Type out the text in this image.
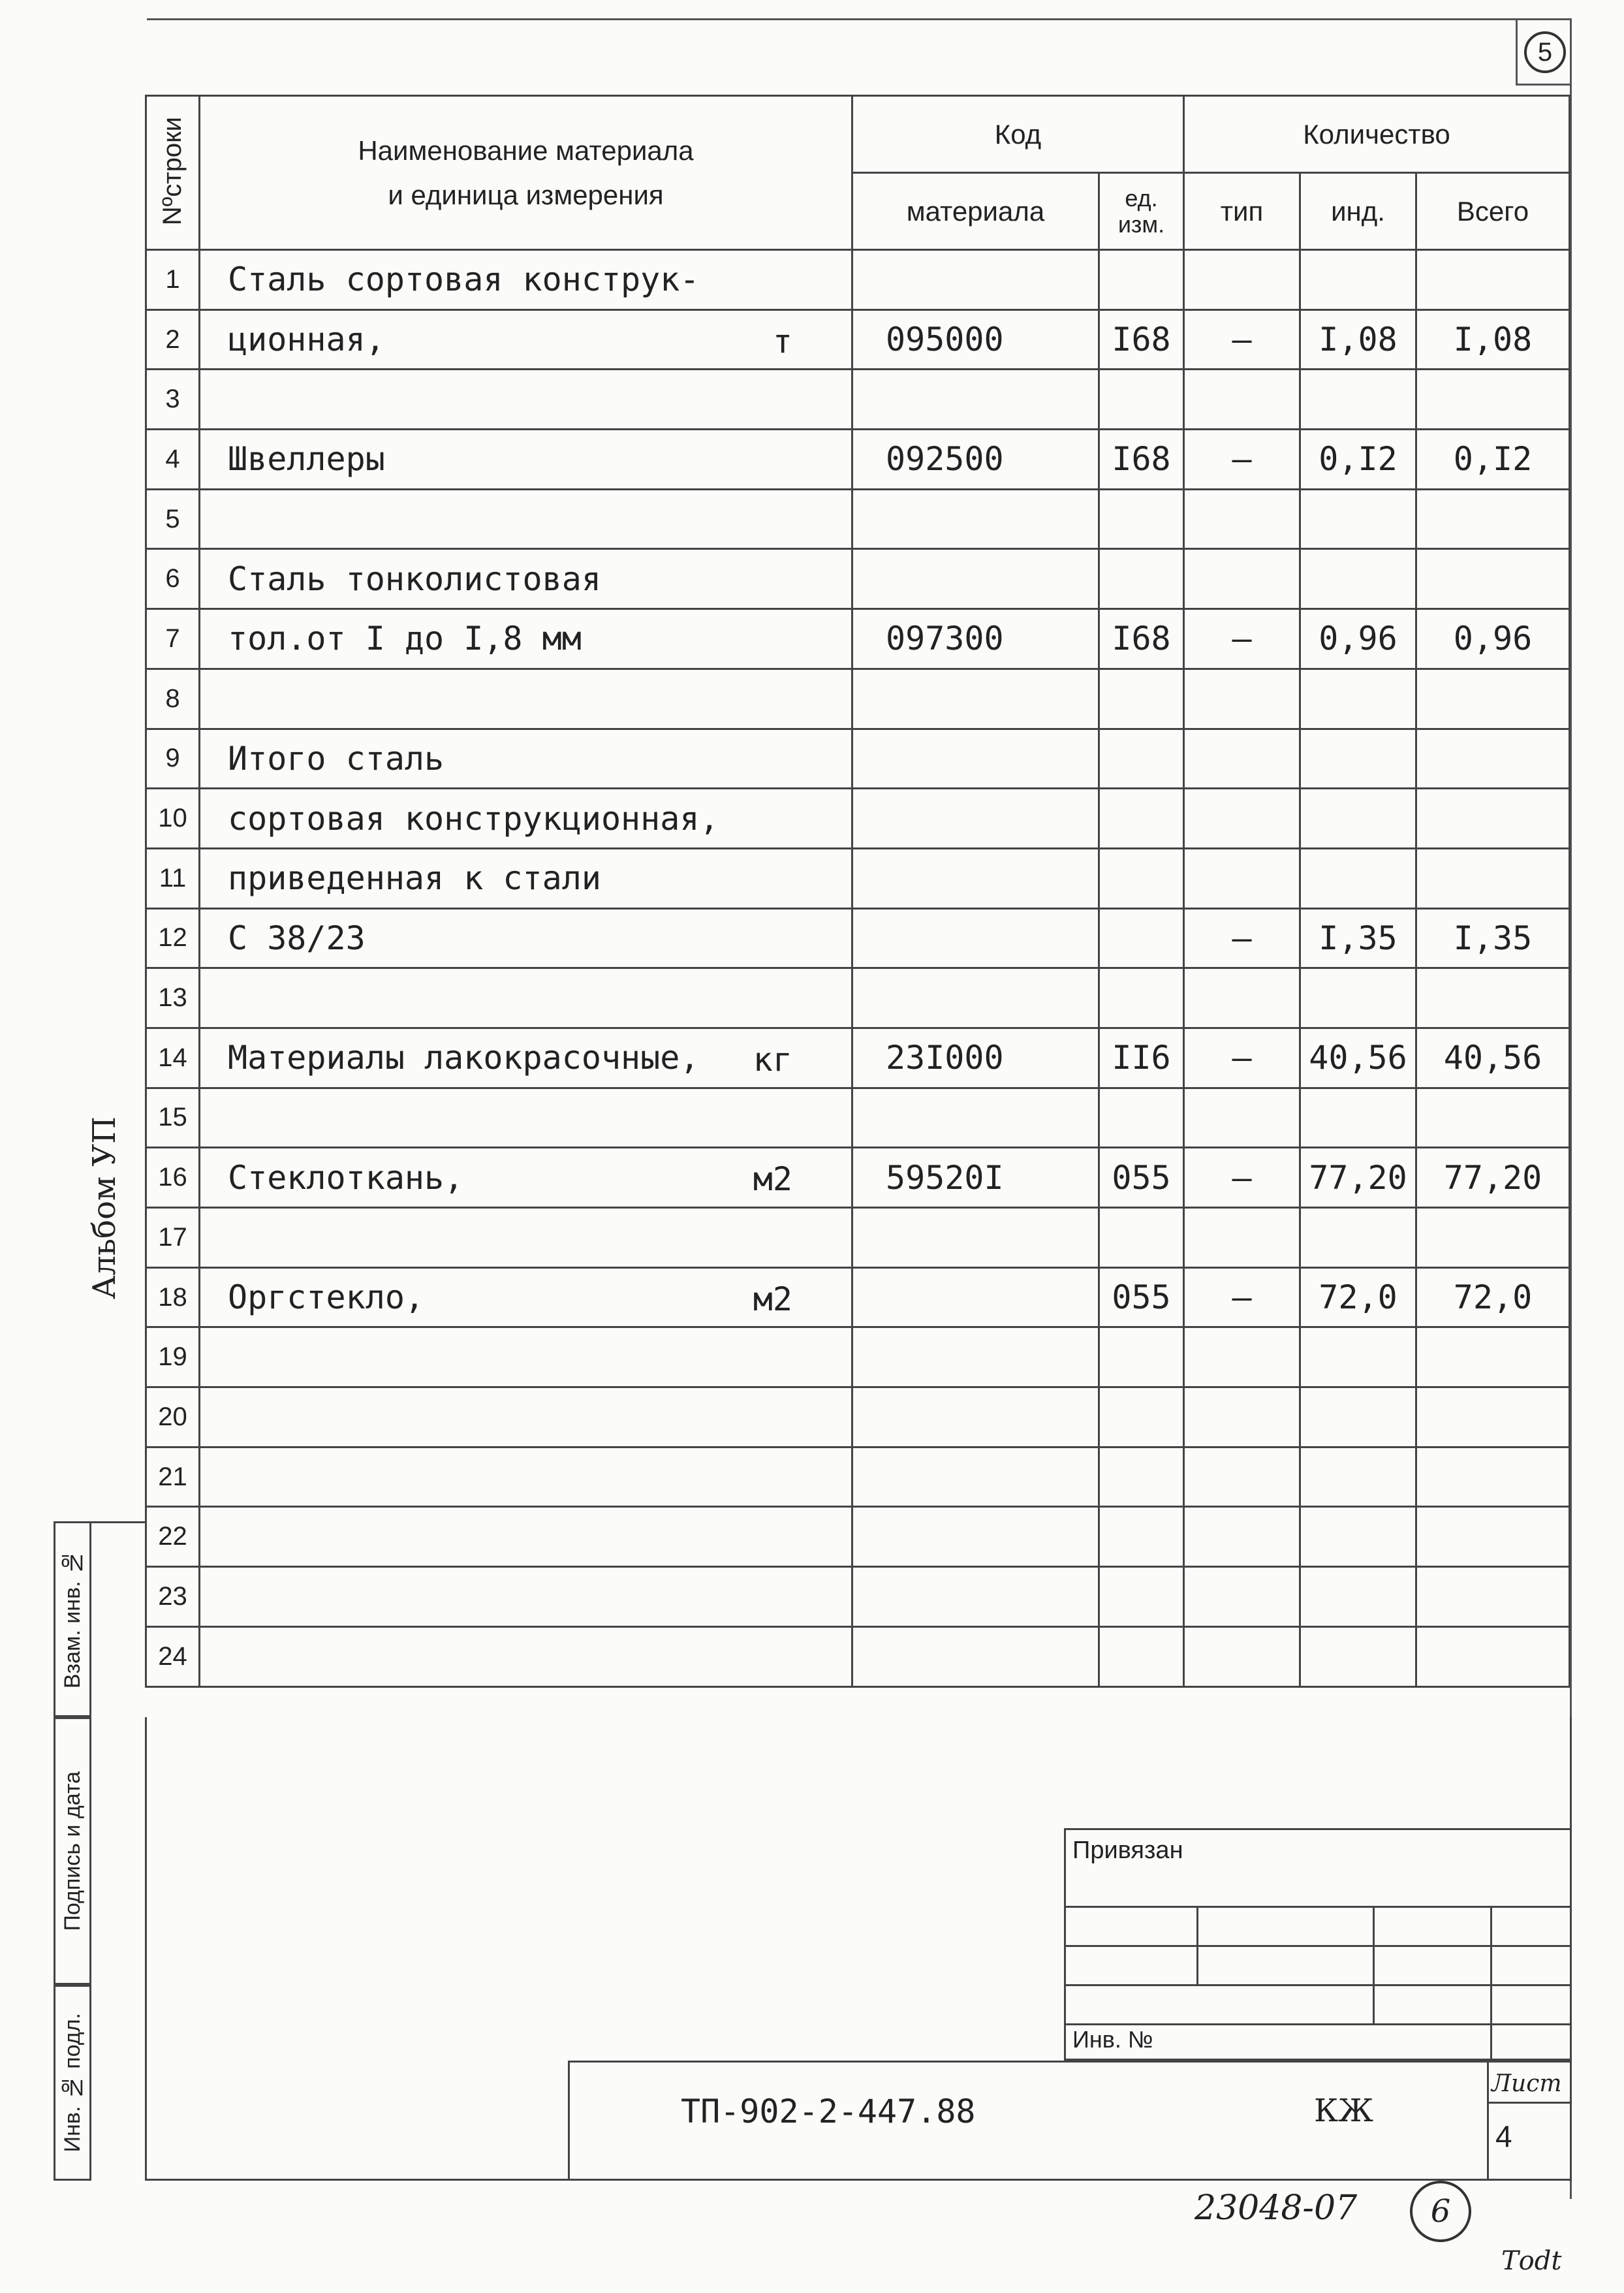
5
Nºстроки	Наименование материала
и единица измерения	Код		Количество		
		материала	ед. изм.	тип	инд.	Всего
1	Сталь сортовая конструк-

2	ционная, т	095000	I68	–	I,08	I,08
3	

4	Швеллеры	092500	I68	–	0,I2	0,I2
5	

6	Сталь тонколистовая

7	тол.от I до I,8 мм	097300	I68	–	0,96	0,96
8	

9	Итого сталь

10	сортовая конструкционная,

11	приведенная к стали

12	С 38/23			–	I,35	I,35
13	

14	Материалы лакокрасочные, кг	23I000	II6	–	40,56	40,56
15	

16	Стеклоткань, м2	59520I	055	–	77,20	77,20
17	

18	Оргстекло, м2		055	–	72,0	72,0
19	

20	

21	

22	

23	

24	

Альбом УП
Взам. инв. №
Подпись и дата
Инв. № подл.
Привязан
Инв. №
ТП-902-2-447.88	КЖ
Лист
4
23048-07 6
Тоdt
